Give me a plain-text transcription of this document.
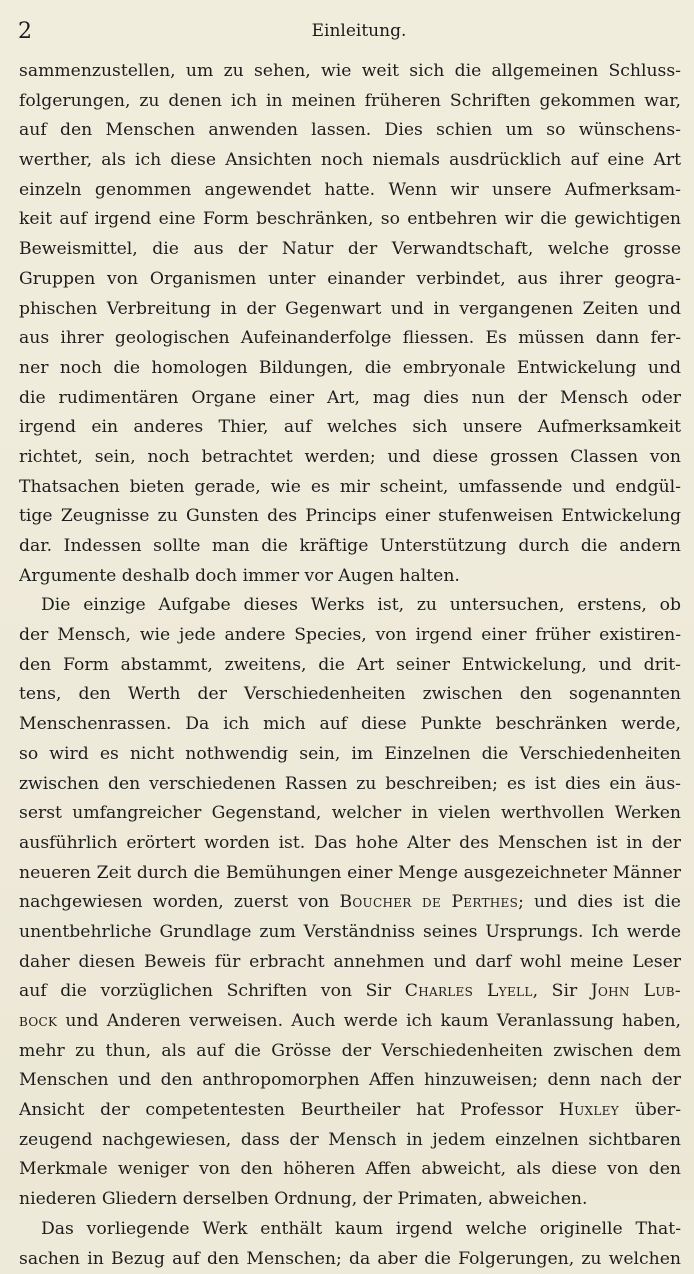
2	Einleitung.
sammenzustellen, um zu sehen, wie weit sich die allgemeinen Schluss-
folgerungen, zu denen ich in meinen früheren Schriften gekommen war,
auf den Menschen anwenden lassen. Dies schien um so wünschens-
werther, als ich diese Ansichten noch niemals ausdrücklich auf eine Art
einzeln genommen angewendet hatte. Wenn wir unsere Aufmerksam-
keit auf irgend eine Form beschränken, so entbehren wir die gewichtigen
Beweismittel, die aus der Natur der Verwandtschaft, welche grosse
Gruppen von Organismen unter einander verbindet, aus ihrer geogra-
phischen Verbreitung in der Gegenwart und in vergangenen Zeiten und
aus ihrer geologischen Aufeinanderfolge fliessen. Es müssen dann fer-
ner noch die homologen Bildungen, die embryonale Entwickelung und
die rudimentären Organe einer Art, mag dies nun der Mensch oder
irgend ein anderes Thier, auf welches sich unsere Aufmerksamkeit
richtet, sein, noch betrachtet werden; und diese grossen Classen von
Thatsachen bieten gerade, wie es mir scheint, umfassende und endgül-
tige Zeugnisse zu Gunsten des Princips einer stufenweisen Entwickelung
dar. Indessen sollte man die kräftige Unterstützung durch die andern
Argumente deshalb doch immer vor Augen halten.
Die einzige Aufgabe dieses Werks ist, zu untersuchen, erstens, ob
der Mensch, wie jede andere Species, von irgend einer früher existiren-
den Form abstammt, zweitens, die Art seiner Entwickelung, und drit-
tens, den Werth der Verschiedenheiten zwischen den sogenannten
Menschenrassen. Da ich mich auf diese Punkte beschränken werde,
so wird es nicht nothwendig sein, im Einzelnen die Verschiedenheiten
zwischen den verschiedenen Rassen zu beschreiben; es ist dies ein äus-
serst umfangreicher Gegenstand, welcher in vielen werthvollen Werken
ausführlich erörtert worden ist. Das hohe Alter des Menschen ist in der
neueren Zeit durch die Bemühungen einer Menge ausgezeichneter Männer
nachgewiesen worden, zuerst von Boucher de Perthes; und dies ist die
unentbehrliche Grundlage zum Verständniss seines Ursprungs. Ich werde
daher diesen Beweis für erbracht annehmen und darf wohl meine Leser
auf die vorzüglichen Schriften von Sir Charles Lyell, Sir John Lub-
bock und Anderen verweisen. Auch werde ich kaum Veranlassung haben,
mehr zu thun, als auf die Grösse der Verschiedenheiten zwischen dem
Menschen und den anthropomorphen Affen hinzuweisen; denn nach der
Ansicht der competentesten Beurtheiler hat Professor Huxley über-
zeugend nachgewiesen, dass der Mensch in jedem einzelnen sichtbaren
Merkmale weniger von den höheren Affen abweicht, als diese von den
niederen Gliedern derselben Ordnung, der Primaten, abweichen.
Das vorliegende Werk enthält kaum irgend welche originelle That-
sachen in Bezug auf den Menschen; da aber die Folgerungen, zu welchen
